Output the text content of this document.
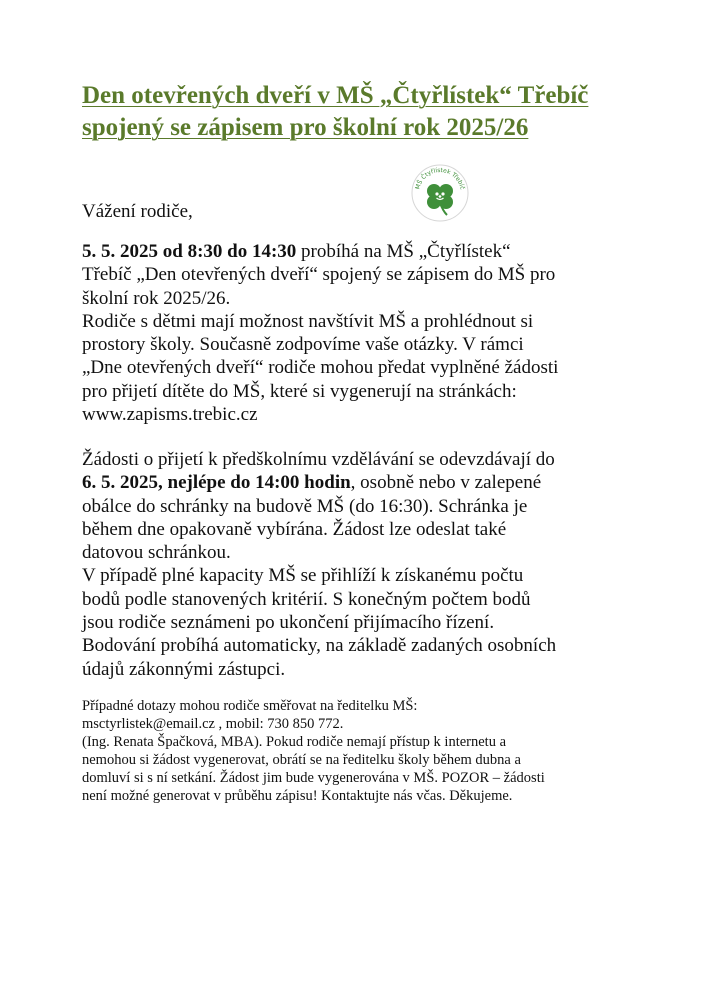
Den otevřených dveří v MŠ „Čtyřlístek“ Třebíč
spojený se zápisem pro školní rok 2025/26
MŠ Čtyřlístek Třebíč

Vážení rodiče,

5. 5. 2025 od 8:30 do 14:30 probíhá na MŠ „Čtyřlístek“
Třebíč „Den otevřených dveří“ spojený se zápisem do MŠ pro
školní rok 2025/26.
Rodiče s dětmi mají možnost navštívit MŠ a prohlédnout si
prostory školy. Současně zodpovíme vaše otázky. V rámci
„Dne otevřených dveří“ rodiče mohou předat vyplněné žádosti
pro přijetí dítěte do MŠ, které si vygenerují na stránkách:
www.zapisms.trebic.cz
Žádosti o přijetí k předškolnímu vzdělávání se odevzdávají do
6. 5. 2025, nejlépe do 14:00 hodin, osobně nebo v zalepené
obálce do schránky na budově MŠ (do 16:30). Schránka je
během dne opakovaně vybírána. Žádost lze odeslat také
datovou schránkou.
V případě plné kapacity MŠ se přihlíží k získanému počtu
bodů podle stanovených kritérií. S konečným počtem bodů
jsou rodiče seznámeni po ukončení přijímacího řízení.
Bodování probíhá automaticky, na základě zadaných osobních
údajů zákonnými zástupci.
Případné dotazy mohou rodiče směřovat na ředitelku MŠ:
msctyrlistek@email.cz , mobil: 730 850 772.
(Ing. Renata Špačková, MBA). Pokud rodiče nemají přístup k internetu a
nemohou si žádost vygenerovat, obrátí se na ředitelku školy během dubna a
domluví si s ní setkání. Žádost jim bude vygenerována v MŠ. POZOR – žádosti
není možné generovat v průběhu zápisu! Kontaktujte nás včas. Děkujeme.
